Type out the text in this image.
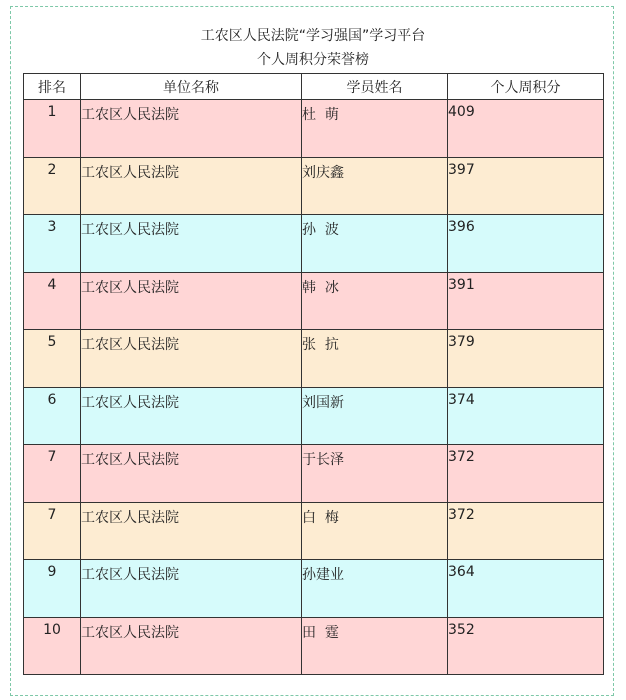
工农区人民法院“学习强国”学习平台
个人周积分荣誉榜
排名	单位名称	学员姓名	个人周积分
1	工农区人民法院	杜  萌	409
2	工农区人民法院	刘庆鑫	397
3	工农区人民法院	孙  波	396
4	工农区人民法院	韩  冰	391
5	工农区人民法院	张  抗	379
6	工农区人民法院	刘国新	374
7	工农区人民法院	于长泽	372
7	工农区人民法院	白  梅	372
9	工农区人民法院	孙建业	364
10	工农区人民法院	田  霆	352
